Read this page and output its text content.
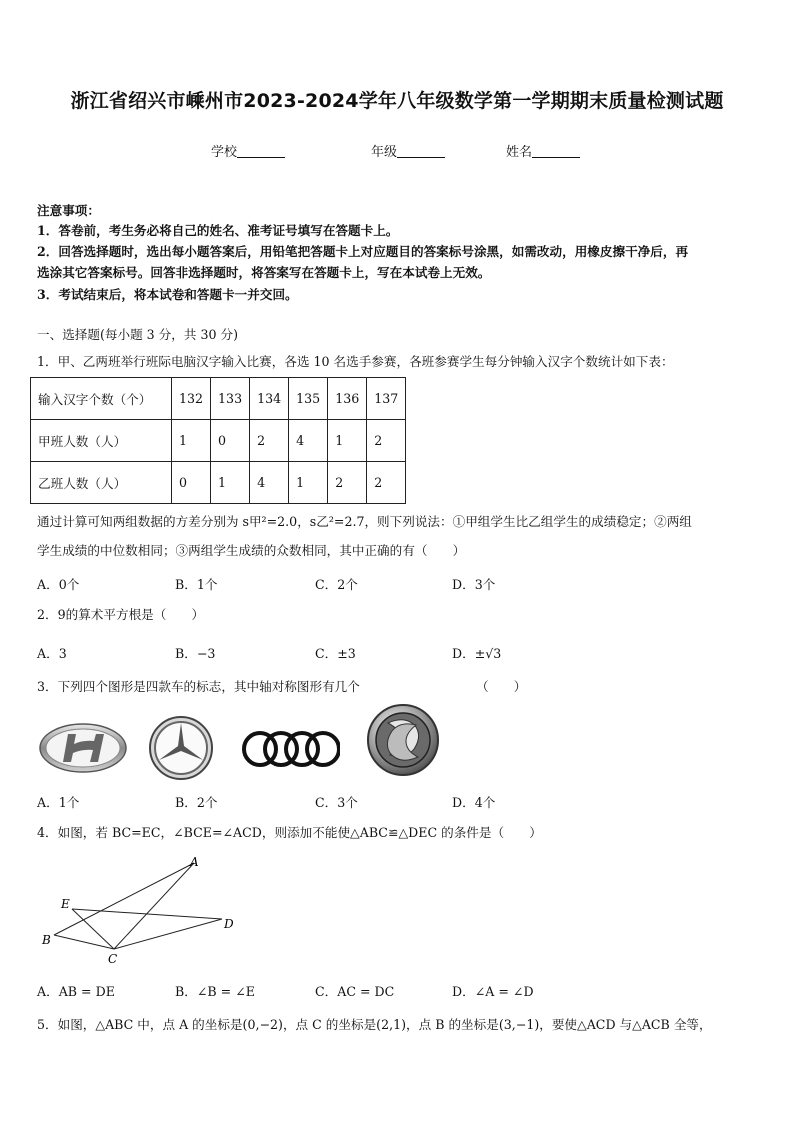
浙江省绍兴市嵊州市2023-2024学年八年级数学第一学期期末质量检测试题
学校	年级	姓名
注意事项：
1．答卷前，考生务必将自己的姓名、准考证号填写在答题卡上。
2．回答选择题时，选出每小题答案后，用铅笔把答题卡上对应题目的答案标号涂黑，如需改动，用橡皮擦干净后，再
选涂其它答案标号。回答非选择题时，将答案写在答题卡上，写在本试卷上无效。
3．考试结束后，将本试卷和答题卡一并交回。
一、选择题(每小题 3 分，共 30 分)
1．甲、乙两班举行班际电脑汉字输入比赛，各选 10 名选手参赛，各班参赛学生每分钟输入汉字个数统计如下表：
输入汉字个数（个）	132	133	134	135	136	137
甲班人数（人）	1	0	2	4	1	2
乙班人数（人）	0	1	4	1	2	2
通过计算可知两组数据的方差分别为 s甲²=2.0，s乙²=2.7，则下列说法：①甲组学生比乙组学生的成绩稳定；②两组
学生成绩的中位数相同；③两组学生成绩的众数相同，其中正确的有（　　）
A．0个	B．1个	C．2个	D．3个
2．9的算术平方根是（　　）
A．3	B．−3	C．±3	D．±√3
3．下列四个图形是四款车的标志，其中轴对称图形有几个	（　　）
A．1个	B．2个	C．3个	D．4个
4．如图，若 BC=EC，∠BCE=∠ACD，则添加不能使△ABC≌△DEC 的条件是（　　）
A
E
B
C
D
A．AB = DE	B．∠B = ∠E	C．AC = DC	D．∠A = ∠D
5．如图，△ABC 中，点 A 的坐标是(0,−2)，点 C 的坐标是(2,1)，点 B 的坐标是(3,−1)，要使△ACD 与△ACB 全等，
